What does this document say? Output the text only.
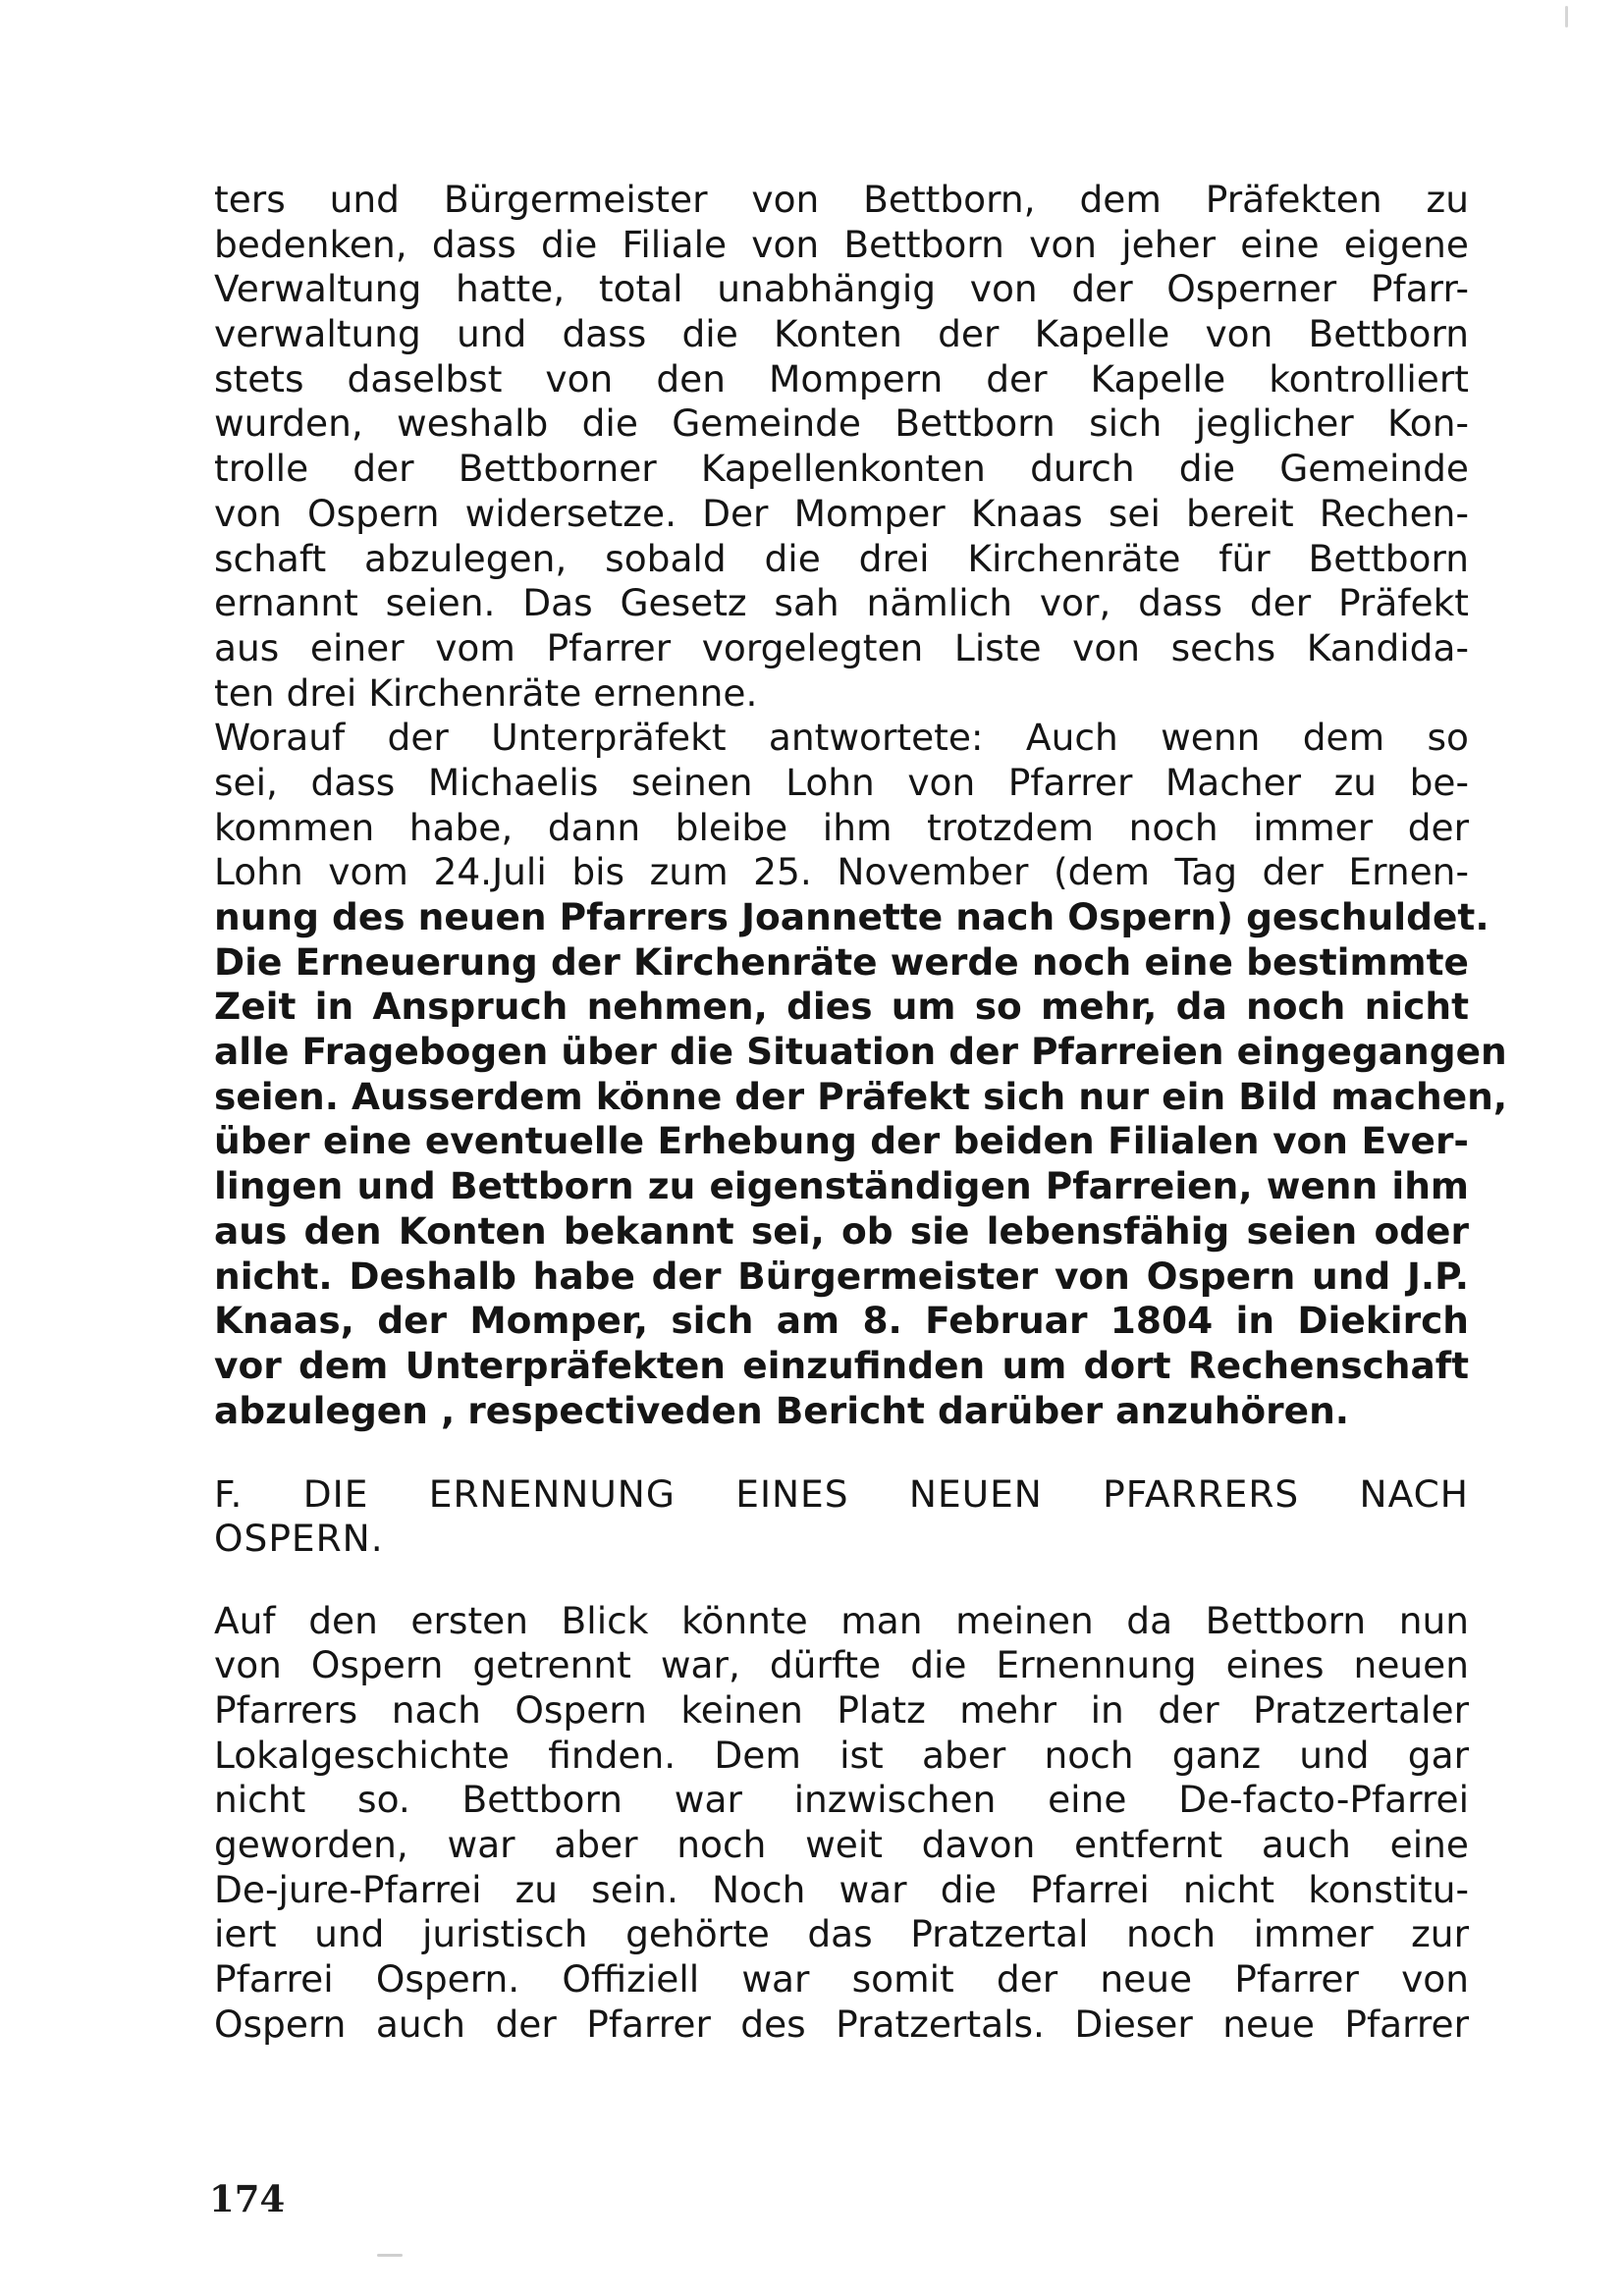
ters und Bürgermeister von Bettborn, dem Präfekten zu
bedenken, dass die Filiale von Bettborn von jeher eine eigene
Verwaltung hatte, total unabhängig von der Osperner Pfarr-
verwaltung und dass die Konten der Kapelle von Bettborn
stets daselbst von den Mompern der Kapelle kontrolliert
wurden, weshalb die Gemeinde Bettborn sich jeglicher Kon-
trolle der Bettborner Kapellenkonten durch die Gemeinde
von Ospern widersetze. Der Momper Knaas sei bereit Rechen-
schaft abzulegen, sobald die drei Kirchenräte für Bettborn
ernannt seien. Das Gesetz sah nämlich vor, dass der Präfekt
aus einer vom Pfarrer vorgelegten Liste von sechs Kandida-
ten drei Kirchenräte ernenne.
Worauf der Unterpräfekt antwortete: Auch wenn dem so
sei, dass Michaelis seinen Lohn von Pfarrer Macher zu be-
kommen habe, dann bleibe ihm trotzdem noch immer der
Lohn vom 24.Juli bis zum 25. November (dem Tag der Ernen-
nung des neuen Pfarrers Joannette nach Ospern) geschuldet.
Die Erneuerung der Kirchenräte werde noch eine bestimmte
Zeit in Anspruch nehmen, dies um so mehr, da noch nicht
alle Fragebogen über die Situation der Pfarreien eingegangen
seien. Ausserdem könne der Präfekt sich nur ein Bild machen,
über eine eventuelle Erhebung der beiden Filialen von Ever-
lingen und Bettborn zu eigenständigen Pfarreien, wenn ihm
aus den Konten bekannt sei, ob sie lebensfähig seien oder
nicht. Deshalb habe der Bürgermeister von Ospern und J.P.
Knaas, der Momper, sich am 8. Februar 1804 in Diekirch
vor dem Unterpräfekten einzufinden um dort Rechenschaft
abzulegen , respectiveden Bericht darüber anzuhören.
F. DIE ERNENNUNG EINES NEUEN PFARRERS NACH
OSPERN.
Auf den ersten Blick könnte man meinen da Bettborn nun
von Ospern getrennt war, dürfte die Ernennung eines neuen
Pfarrers nach Ospern keinen Platz mehr in der Pratzertaler
Lokalgeschichte finden. Dem ist aber noch ganz und gar
nicht so. Bettborn war inzwischen eine De-facto-Pfarrei
geworden, war aber noch weit davon entfernt auch eine
De-jure-Pfarrei zu sein. Noch war die Pfarrei nicht konstitu-
iert und juristisch gehörte das Pratzertal noch immer zur
Pfarrei Ospern. Offiziell war somit der neue Pfarrer von
Ospern auch der Pfarrer des Pratzertals. Dieser neue Pfarrer
174
